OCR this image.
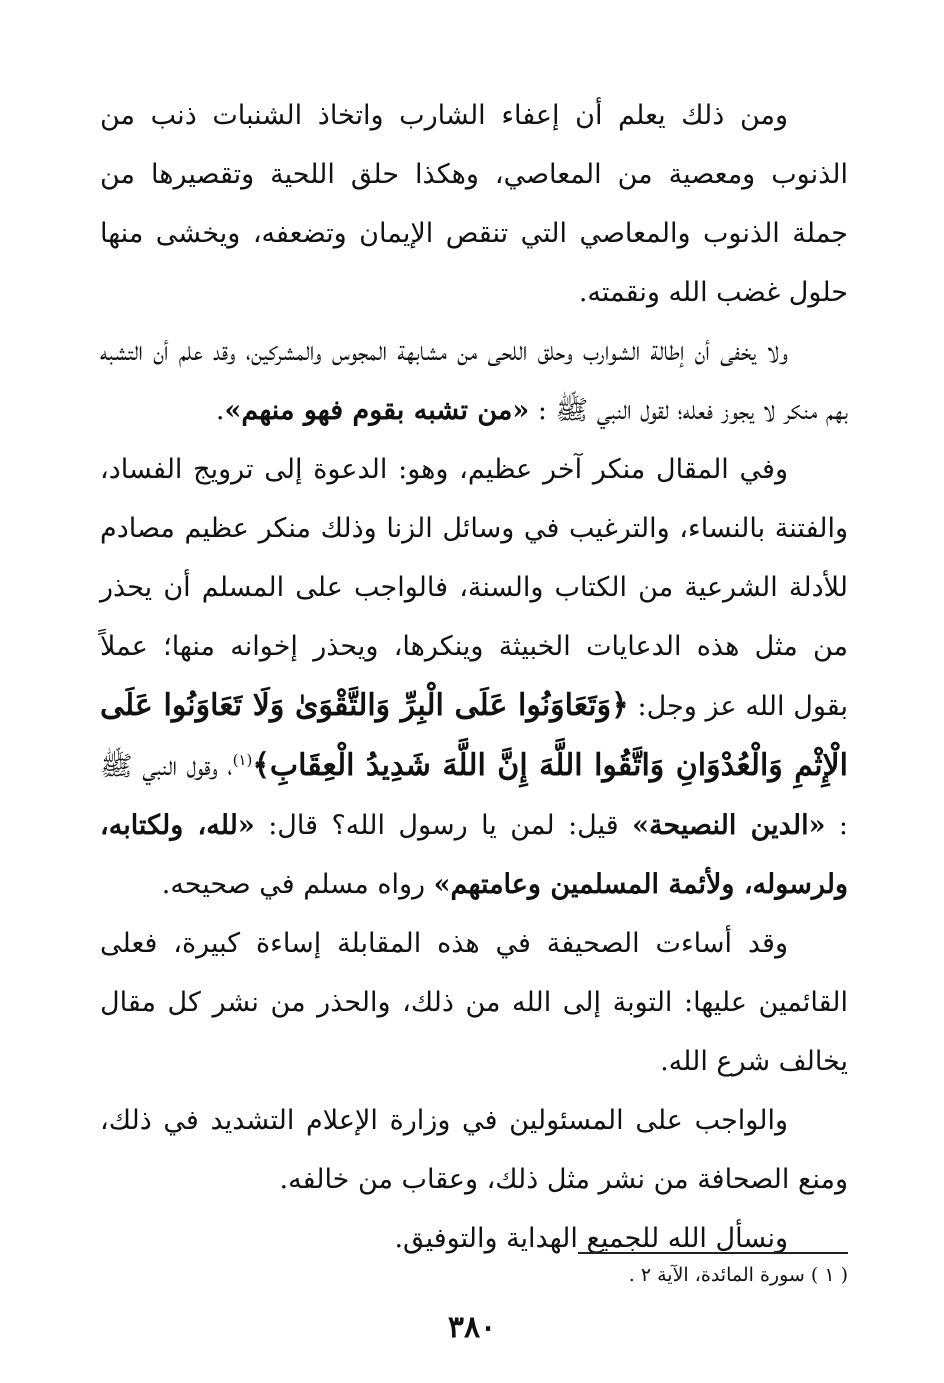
ومن ذلك يعلم أن إعفاء الشارب واتخاذ الشنبات ذنب من الذنوب ومعصية من المعاصي، وهكذا حلق اللحية وتقصيرها من جملة الذنوب والمعاصي التي تنقص الإيمان وتضعفه، ويخشى منها حلول غضب الله ونقمته.

ولا يخفى أن إطالة الشوارب وحلق اللحى من مشابهة المجوس والمشركين، وقد علم أن التشبه بهم منكر لا يجوز فعله؛ لقول النبي ﷺ : «من تشبه بقوم فهو منهم».

وفي المقال منكر آخر عظيم، وهو: الدعوة إلى ترويج الفساد، والفتنة بالنساء، والترغيب في وسائل الزنا وذلك منكر عظيم مصادم للأدلة الشرعية من الكتاب والسنة، فالواجب على المسلم أن يحذر من مثل هذه الدعايات الخبيثة وينكرها، ويحذر إخوانه منها؛ عملاً بقول الله عز وجل: ﴿وَتَعَاوَنُوا عَلَى الْبِرِّ وَالتَّقْوَىٰ وَلَا تَعَاوَنُوا عَلَى الْإِثْمِ وَالْعُدْوَانِ وَاتَّقُوا اللَّهَ إِنَّ اللَّهَ شَدِيدُ الْعِقَابِ﴾$^{(١)}$، وقول النبي ﷺ : «الدين النصيحة» قيل: لمن يا رسول الله؟ قال: «لله، ولكتابه، ولرسوله، ولأئمة المسلمين وعامتهم» رواه مسلم في صحيحه.

وقد أساءت الصحيفة في هذه المقابلة إساءة كبيرة، فعلى القائمين عليها: التوبة إلى الله من ذلك، والحذر من نشر كل مقال يخالف شرع الله.

والواجب على المسئولين في وزارة الإعلام التشديد في ذلك، ومنع الصحافة من نشر مثل ذلك، وعقاب من خالفه.

ونسأل الله للجميع الهداية والتوفيق.

( ١ ) سورة المائدة، الآية ٢ .
٣٨٠
